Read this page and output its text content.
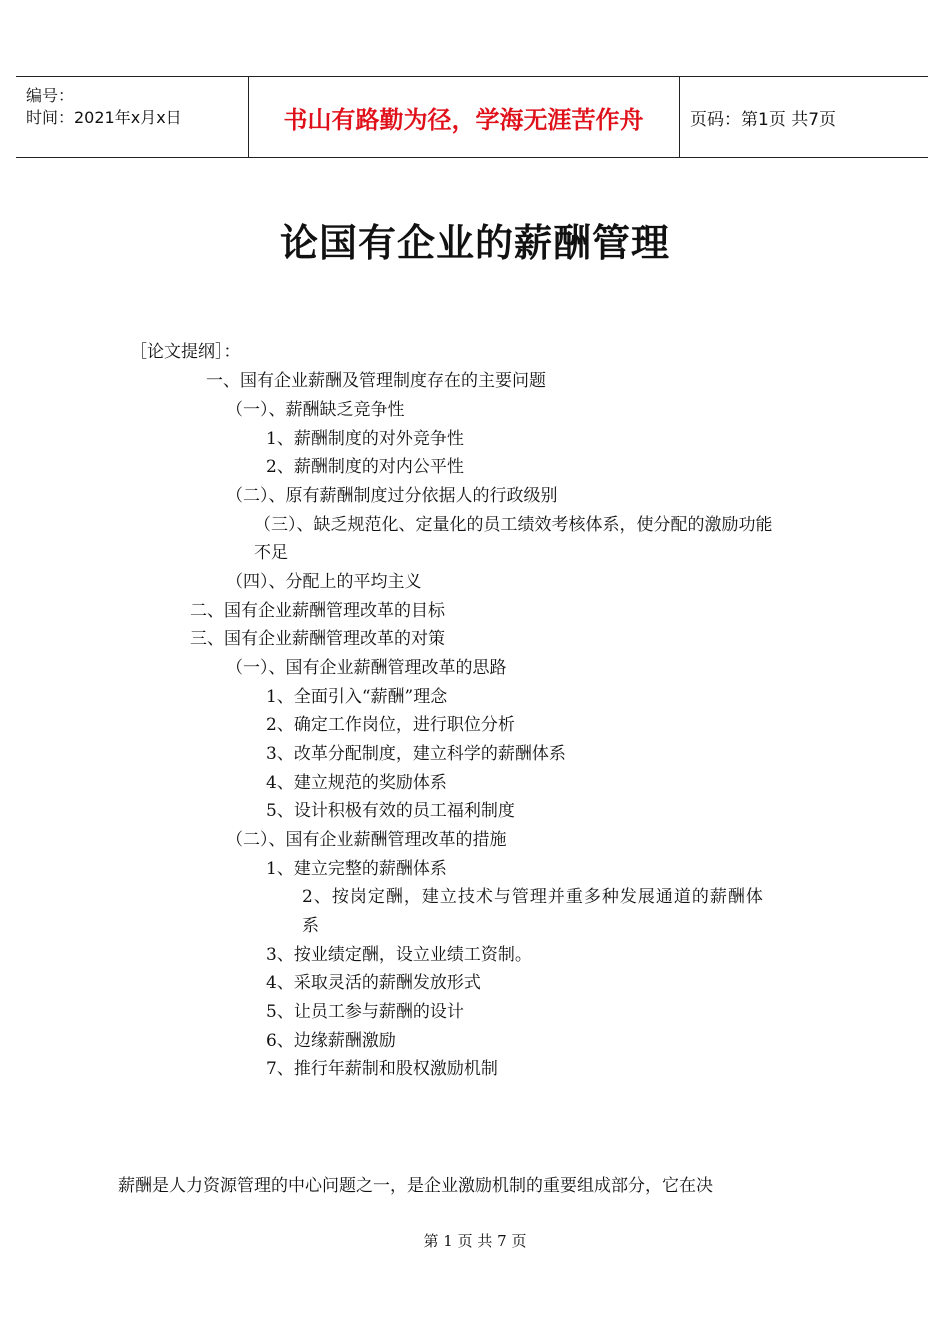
编号：
时间：2021年x月x日	书山有路勤为径，学海无涯苦作舟	页码：第1页 共7页
论国有企业的薪酬管理
［论文提纲］：
一、国有企业薪酬及管理制度存在的主要问题
（一）、薪酬缺乏竞争性
1、薪酬制度的对外竞争性
2、薪酬制度的对内公平性
（二）、原有薪酬制度过分依据人的行政级别
（三）、缺乏规范化、定量化的员工绩效考核体系，使分配的激励功能
不足
（四）、分配上的平均主义
二、国有企业薪酬管理改革的目标
三、国有企业薪酬管理改革的对策
（一）、国有企业薪酬管理改革的思路
1、全面引入“薪酬”理念
2、确定工作岗位，进行职位分析
3、改革分配制度，建立科学的薪酬体系
4、建立规范的奖励体系
5、设计积极有效的员工福利制度
（二）、国有企业薪酬管理改革的措施
1、建立完整的薪酬体系
2、按岗定酬，建立技术与管理并重多种发展通道的薪酬体
系
3、按业绩定酬，设立业绩工资制。
4、采取灵活的薪酬发放形式
5、让员工参与薪酬的设计
6、边缘薪酬激励
7、推行年薪制和股权激励机制
薪酬是人力资源管理的中心问题之一，是企业激励机制的重要组成部分，它在决
第 1 页 共 7 页
